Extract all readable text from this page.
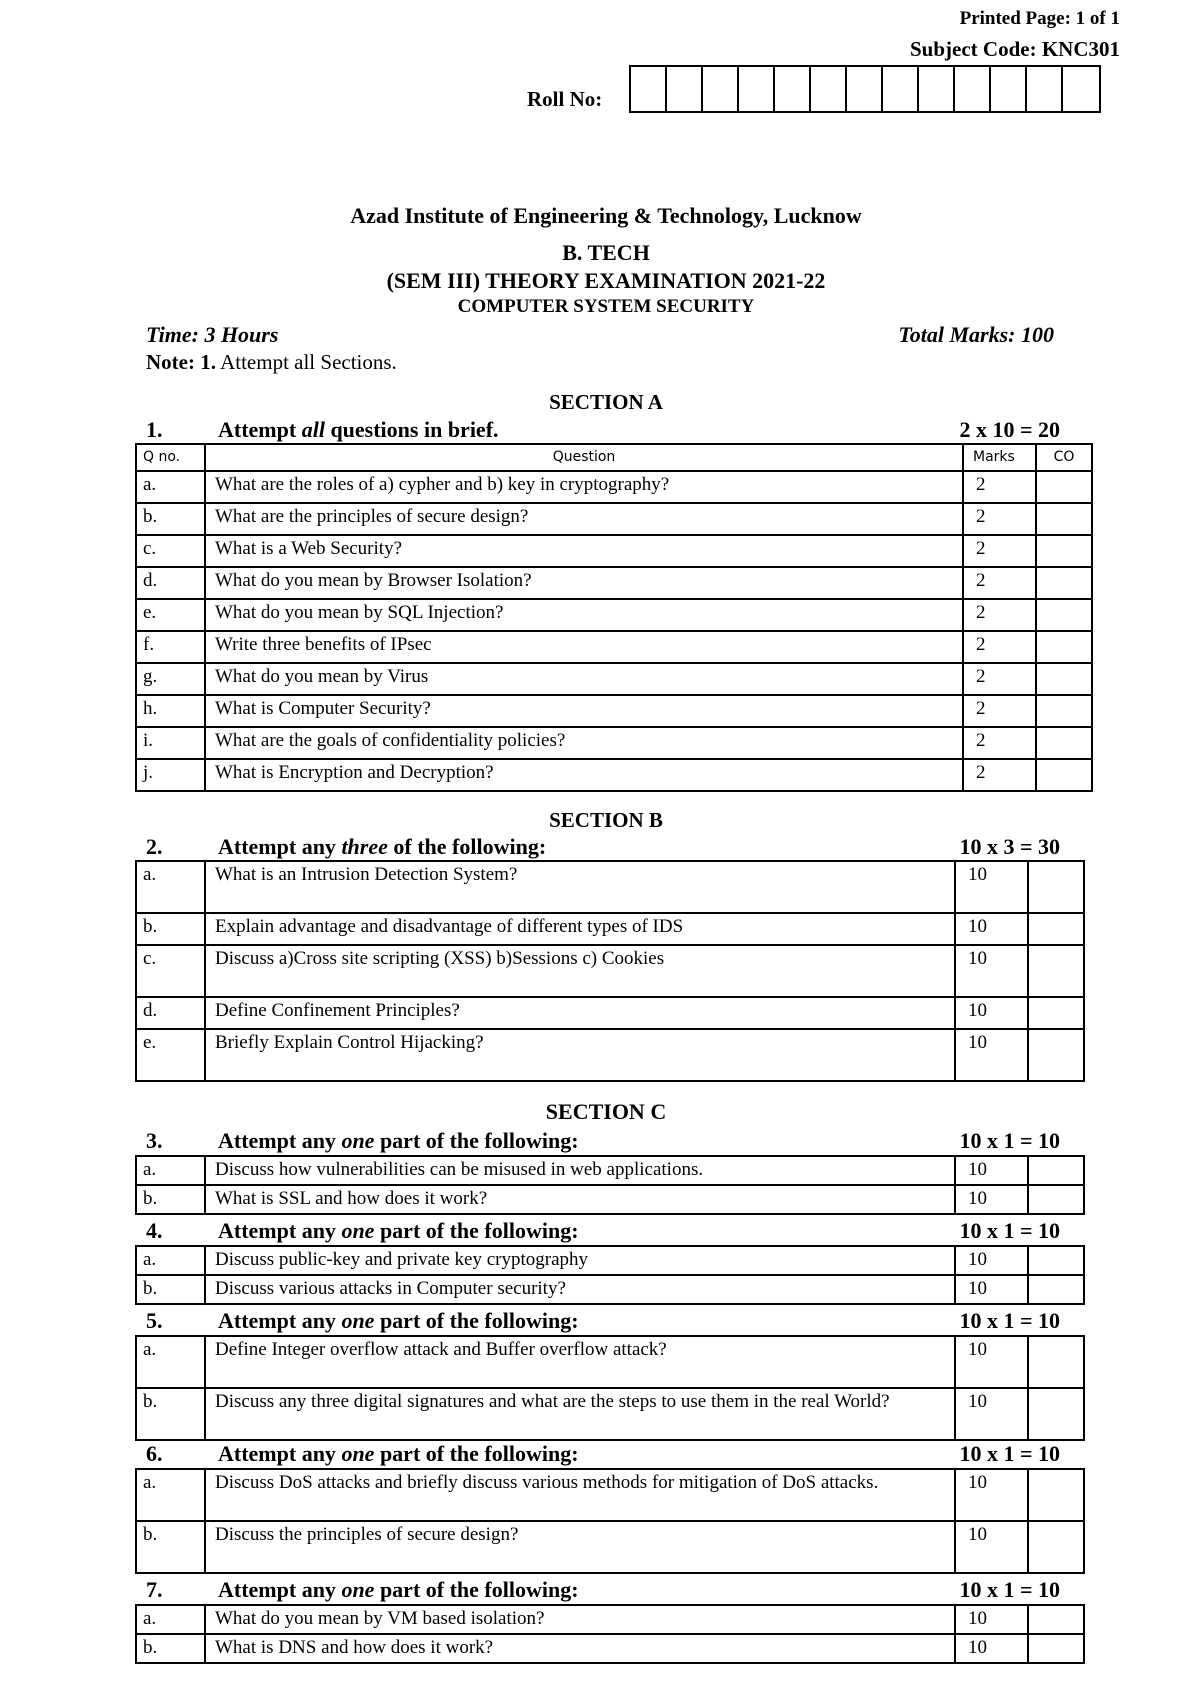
Printed Page: 1 of 1
Subject Code: KNC301
Roll No:
Azad Institute of Engineering & Technology, Lucknow
B. TECH
(SEM III) THEORY EXAMINATION 2021-22
COMPUTER SYSTEM SECURITY
Time: 3 Hours	Total Marks: 100
Note: 1. Attempt all Sections.
SECTION A
1.	Attempt all questions in brief.	2 x 10 = 20
Q no.	Question	Marks	CO
a.	What are the roles of a) cypher and b) key in cryptography?	2	
b.	What are the principles of secure design?	2	
c.	What is a Web Security?	2	
d.	What do you mean by Browser Isolation?	2	
e.	What do you mean by SQL Injection?	2	
f.	Write three benefits of IPsec	2	
g.	What do you mean by Virus	2	
h.	What is Computer Security?	2	
i.	What are the goals of confidentiality policies?	2	
j.	What is Encryption and Decryption?	2	
SECTION B
2.	Attempt any three of the following:	10 x 3 = 30
a.	What is an Intrusion Detection System?	10	
b.	Explain advantage and disadvantage of different types of IDS	10	
c.	Discuss a)Cross site scripting (XSS) b)Sessions c) Cookies	10	
d.	Define Confinement Principles?	10	
e.	Briefly Explain Control Hijacking?	10	
SECTION C
3.	Attempt any one part of the following:	10 x 1 = 10
a.	Discuss how vulnerabilities can be misused in web applications.	10	
b.	What is SSL and how does it work?	10	
4.	Attempt any one part of the following:	10 x 1 = 10
a.	Discuss public-key and private key cryptography	10	
b.	Discuss various attacks in Computer security?	10	
5.	Attempt any one part of the following:	10 x 1 = 10
a.	Define Integer overflow attack and Buffer overflow attack?	10	
b.	Discuss any three digital signatures and what are the steps to use them in the real World?	10	
6.	Attempt any one part of the following:	10 x 1 = 10
a.	Discuss DoS attacks and briefly discuss various methods for mitigation of DoS attacks.	10	
b.	Discuss the principles of secure design?	10	
7.	Attempt any one part of the following:	10 x 1 = 10
a.	What do you mean by VM based isolation?	10	
b.	What is DNS and how does it work?	10	
